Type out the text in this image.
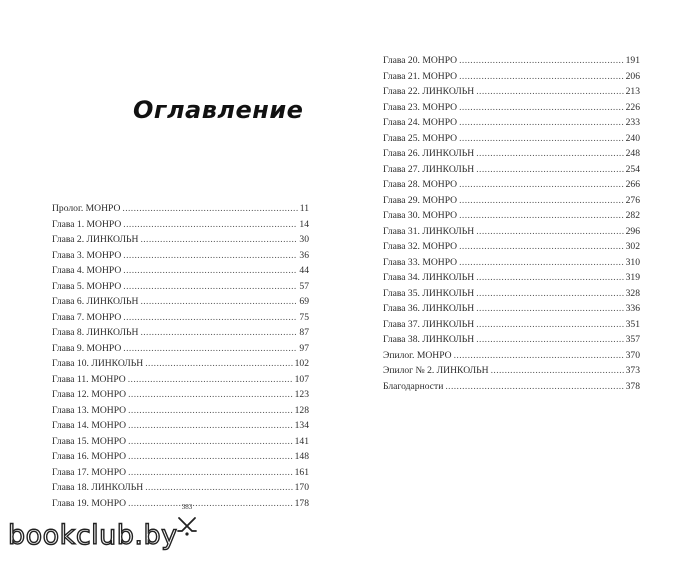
Оглавление
Пролог. МОНРО . . .	11
Глава 1. МОНРО . . .	14
Глава 2. ЛИНКОЛЬН . . .	30
Глава 3. МОНРО . . .	36
Глава 4. МОНРО . . .	44
Глава 5. МОНРО . . .	57
Глава 6. ЛИНКОЛЬН . . .	69
Глава 7. МОНРО . . .	75
Глава 8. ЛИНКОЛЬН . . .	87
Глава 9. МОНРО . . .	97
Глава 10. ЛИНКОЛЬН . . .	102
Глава 11. МОНРО . . .	107
Глава 12. МОНРО . . .	123
Глава 13. МОНРО . . .	128
Глава 14. МОНРО . . .	134
Глава 15. МОНРО . . .	141
Глава 16. МОНРО . . .	148
Глава 17. МОНРО . . .	161
Глава 18. ЛИНКОЛЬН . . .	170
Глава 19. МОНРО . . .	178
Глава 20. МОНРО . . .	191
Глава 21. МОНРО . . .	206
Глава 22. ЛИНКОЛЬН . . .	213
Глава 23. МОНРО . . .	226
Глава 24. МОНРО . . .	233
Глава 25. МОНРО . . .	240
Глава 26. ЛИНКОЛЬН . . .	248
Глава 27. ЛИНКОЛЬН . . .	254
Глава 28. МОНРО . . .	266
Глава 29. МОНРО . . .	276
Глава 30. МОНРО . . .	282
Глава 31. ЛИНКОЛЬН . . .	296
Глава 32. МОНРО . . .	302
Глава 33. МОНРО . . .	310
Глава 34. ЛИНКОЛЬН . . .	319
Глава 35. ЛИНКОЛЬН . . .	328
Глава 36. ЛИНКОЛЬН . . .	336
Глава 37. ЛИНКОЛЬН . . .	351
Глава 38. ЛИНКОЛЬН . . .	357
Эпилог. МОНРО . . .	370
Эпилог № 2. ЛИНКОЛЬН . . .	373
Благодарности . . .	378
383
bookclub.by
